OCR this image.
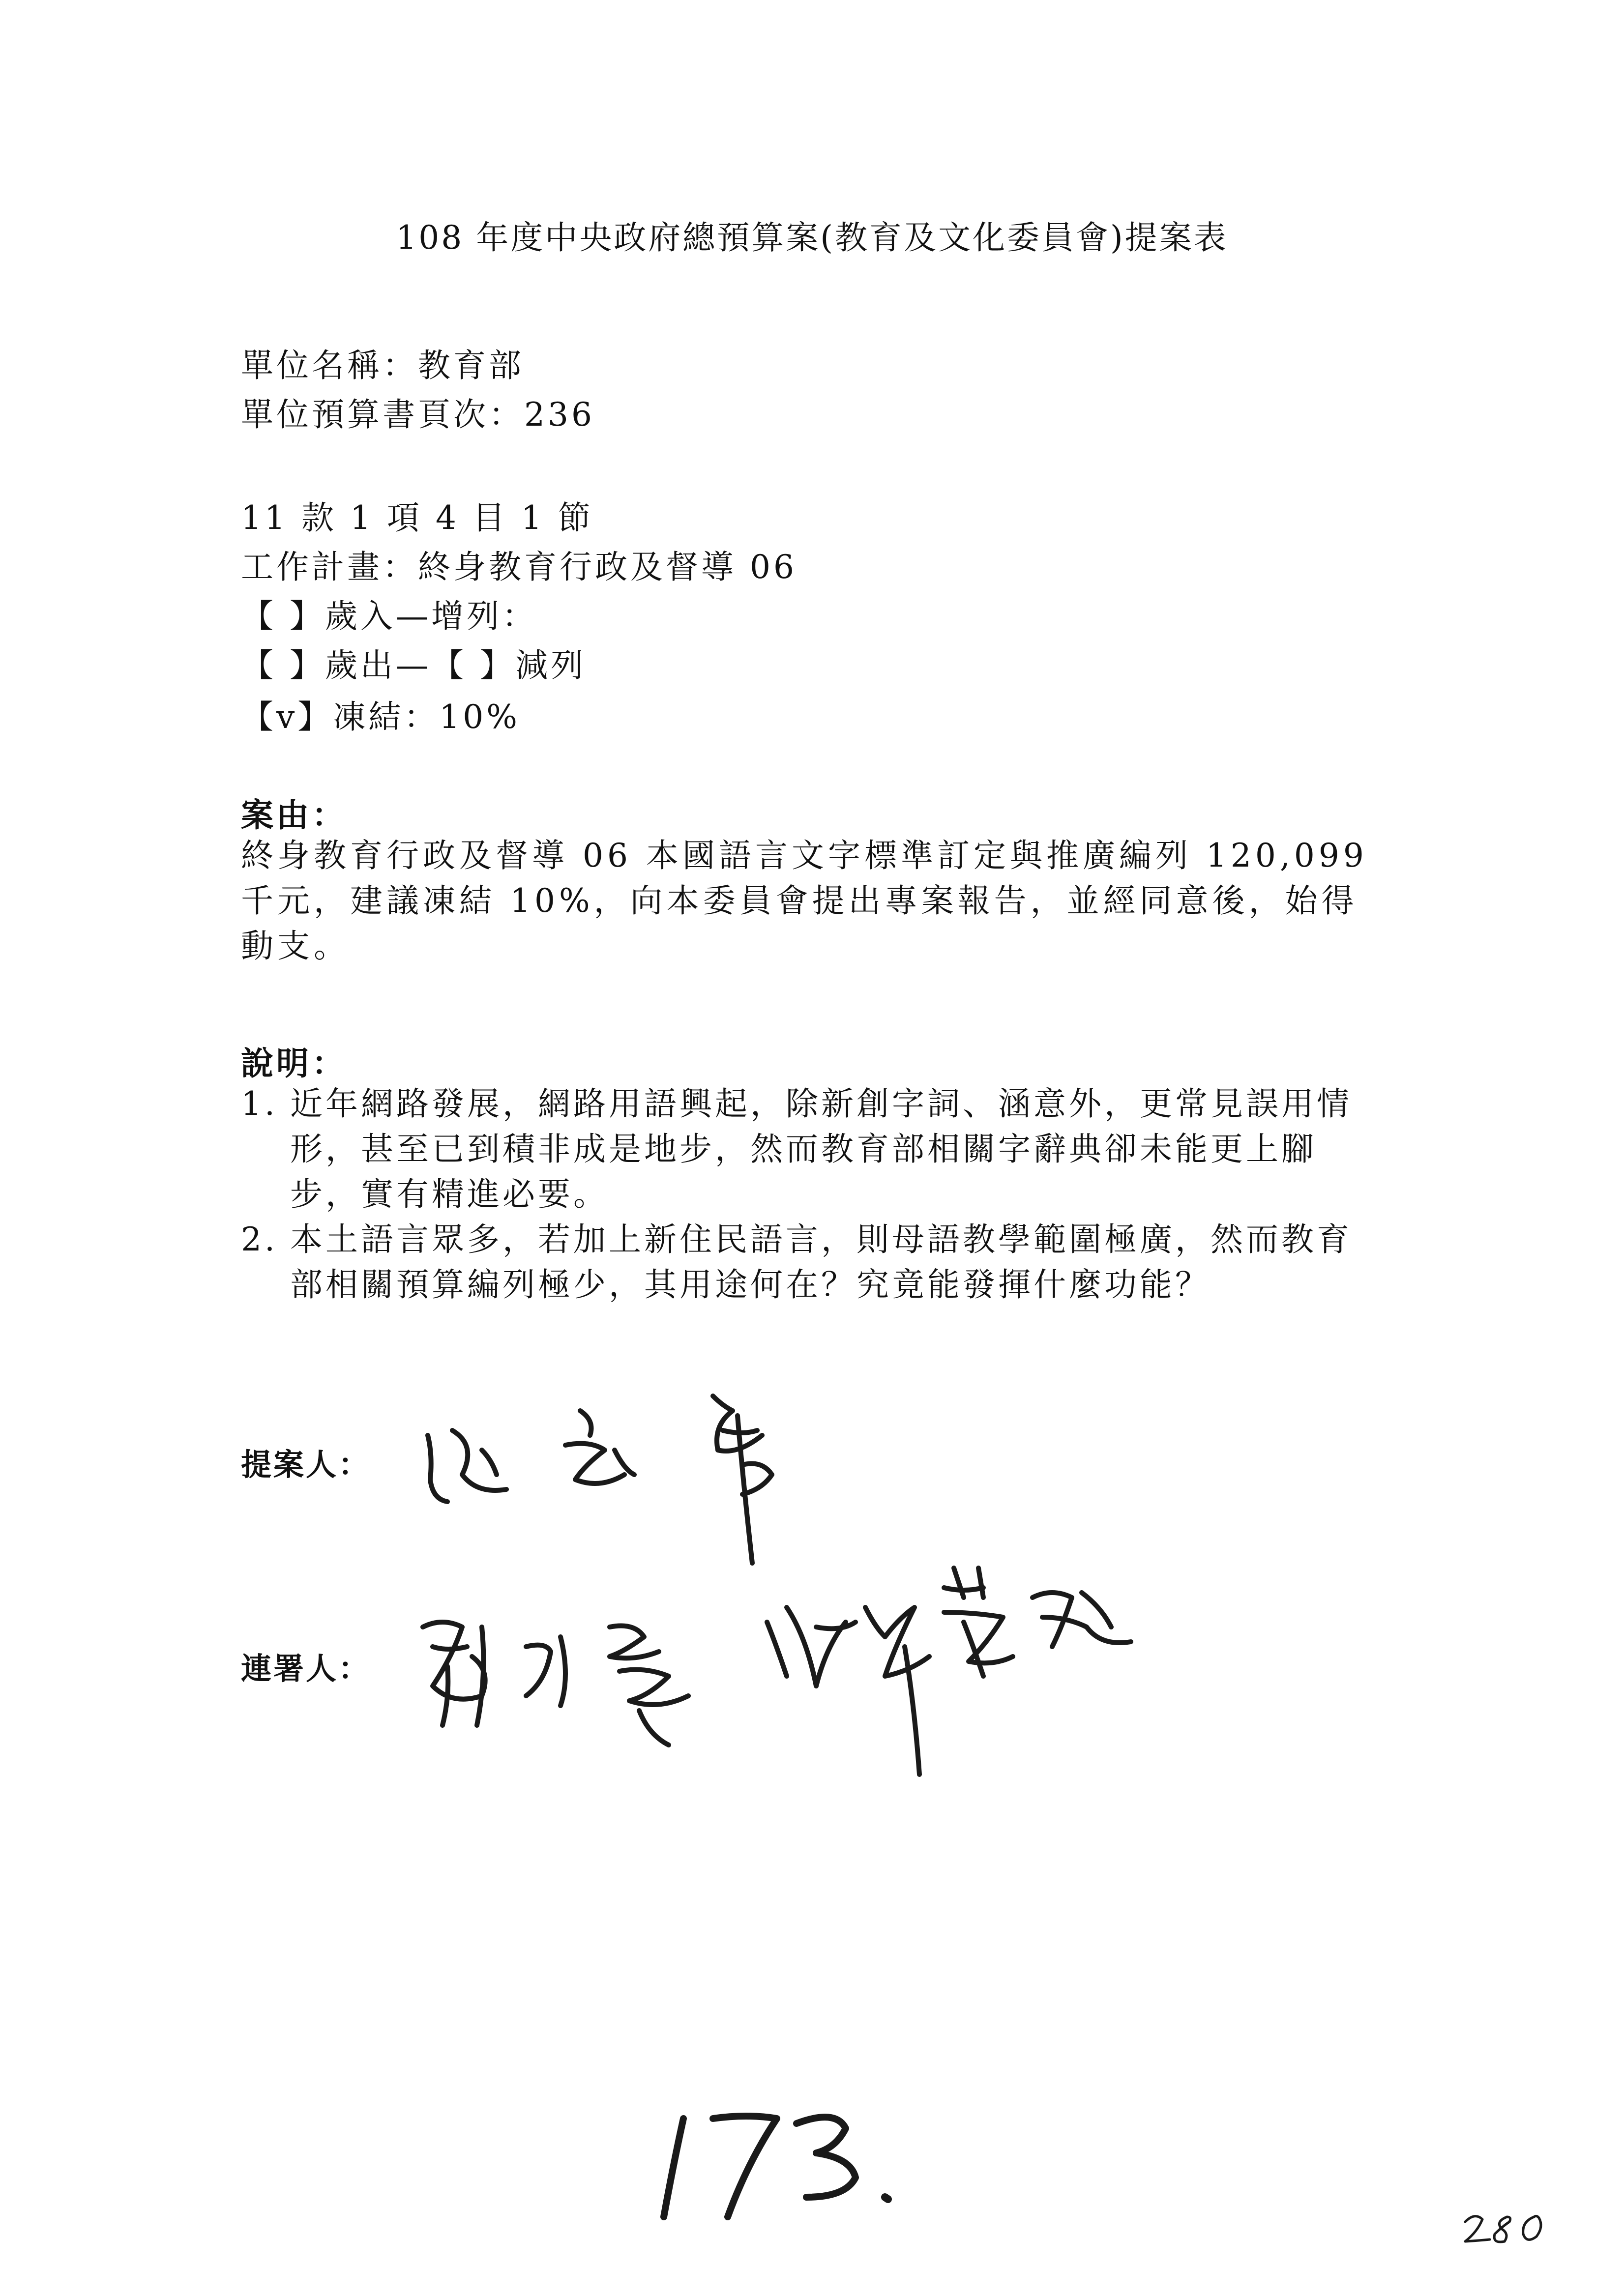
108 年度中央政府總預算案(教育及文化委員會)提案表
單位名稱：教育部
單位預算書頁次：236
11 款 1 項 4 目 1 節
工作計畫：終身教育行政及督導 06
【 】歲入—增列：
【 】歲出—【 】減列
【v】凍結：10%
案由：
終身教育行政及督導 06 本國語言文字標準訂定與推廣編列 120,099 千元，建議凍結 10%，向本委員會提出專案報告，並經同意後，始得動支。
說明：
1. 近年網路發展，網路用語興起，除新創字詞、涵意外，更常見誤用情形，甚至已到積非成是地步，然而教育部相關字辭典卻未能更上腳步，實有精進必要。
2. 本土語言眾多，若加上新住民語言，則母語教學範圍極廣，然而教育部相關預算編列極少，其用途何在？究竟能發揮什麼功能？
提案人：
連署人：
